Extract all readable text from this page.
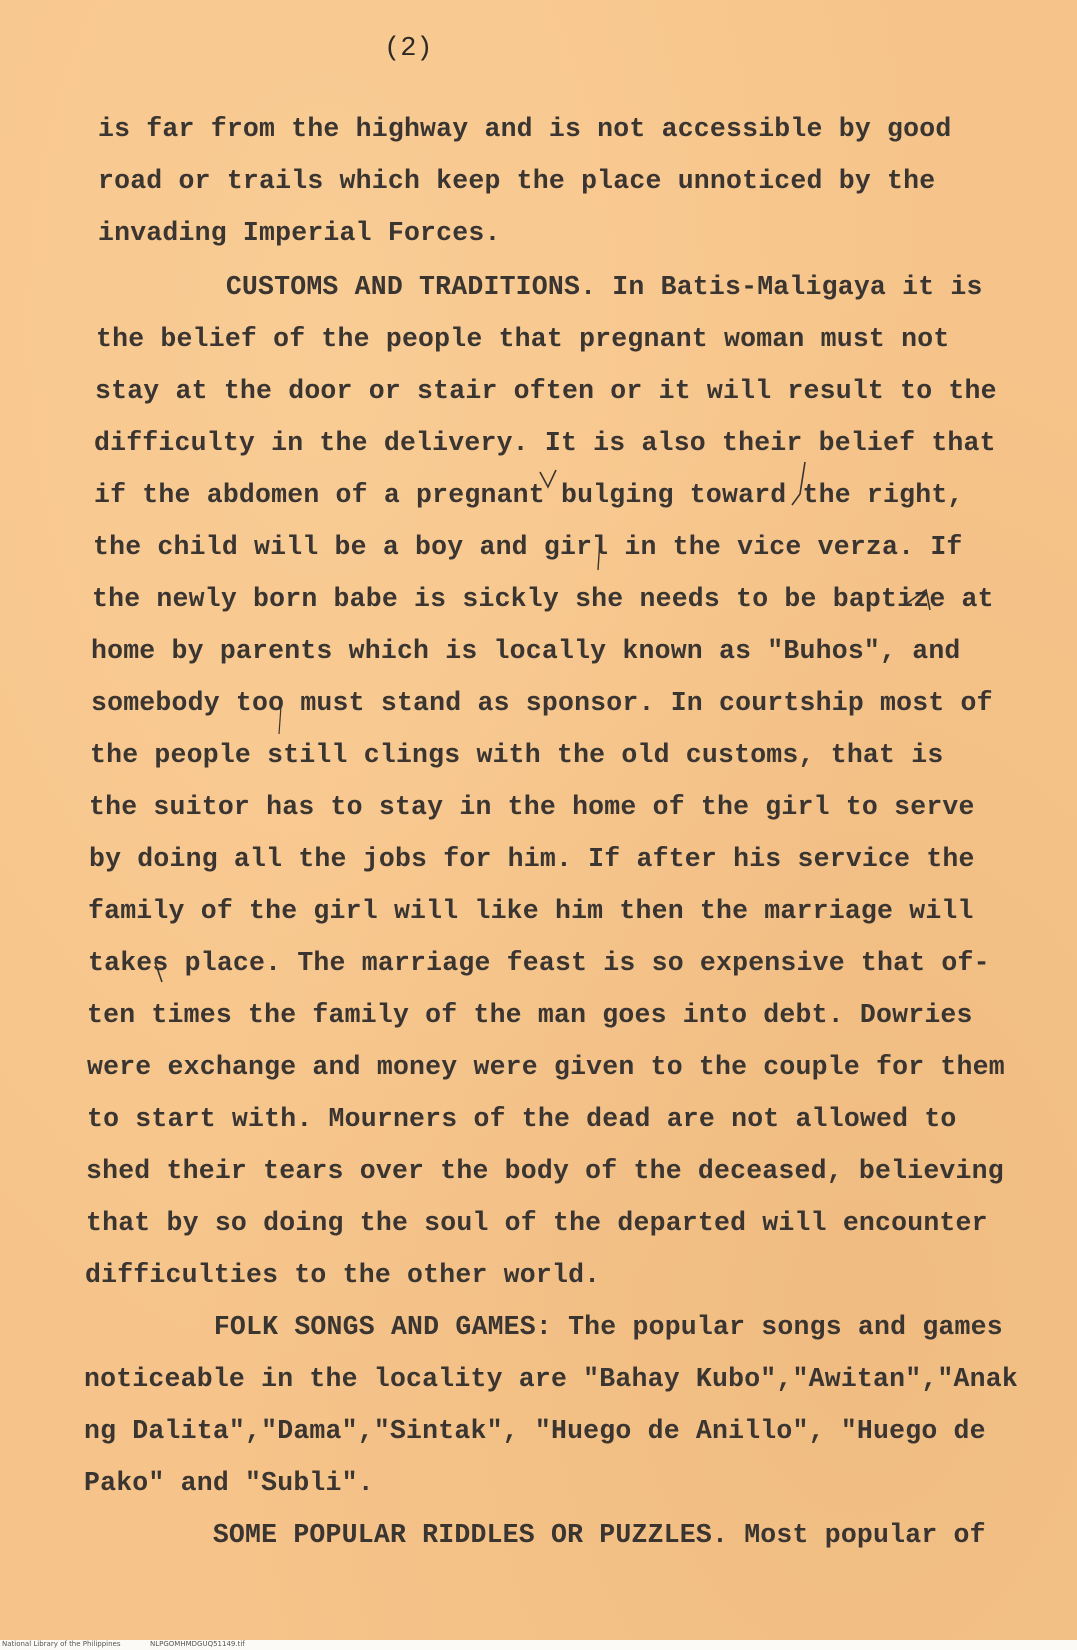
(2)
is far from the highway and is not accessible by good
road or trails which keep the place unnoticed by the
invading Imperial Forces.
CUSTOMS AND TRADITIONS. In Batis-Maligaya it is
the belief of the people that pregnant woman must not
stay at the door or stair often or it will result to the
difficulty in the delivery. It is also their belief that
if the abdomen of a pregnant bulging toward the right,
the child will be a boy and girl in the vice verza. If
the newly born babe is sickly she needs to be baptize at
home by parents which is locally known as "Buhos", and
somebody too must stand as sponsor. In courtship most of
the people still clings with the old customs, that is
the suitor has to stay in the home of the girl to serve
by doing all the jobs for him. If after his service the
family of the girl will like him then the marriage will
takes place. The marriage feast is so expensive that of-
ten times the family of the man goes into debt. Dowries
were exchange and money were given to the couple for them
to start with. Mourners of the dead are not allowed to
shed their tears over the body of the deceased, believing
that by so doing the soul of the departed will encounter
difficulties to the other world.
FOLK SONGS AND GAMES: The popular songs and games
noticeable in the locality are "Bahay Kubo","Awitan","Anak
ng Dalita","Dama","Sintak", "Huego de Anillo", "Huego de
Pako" and "Subli".
SOME POPULAR RIDDLES OR PUZZLES. Most popular of
National Library of the Philippines	NLPGOMHMDGUQ51149.tif
